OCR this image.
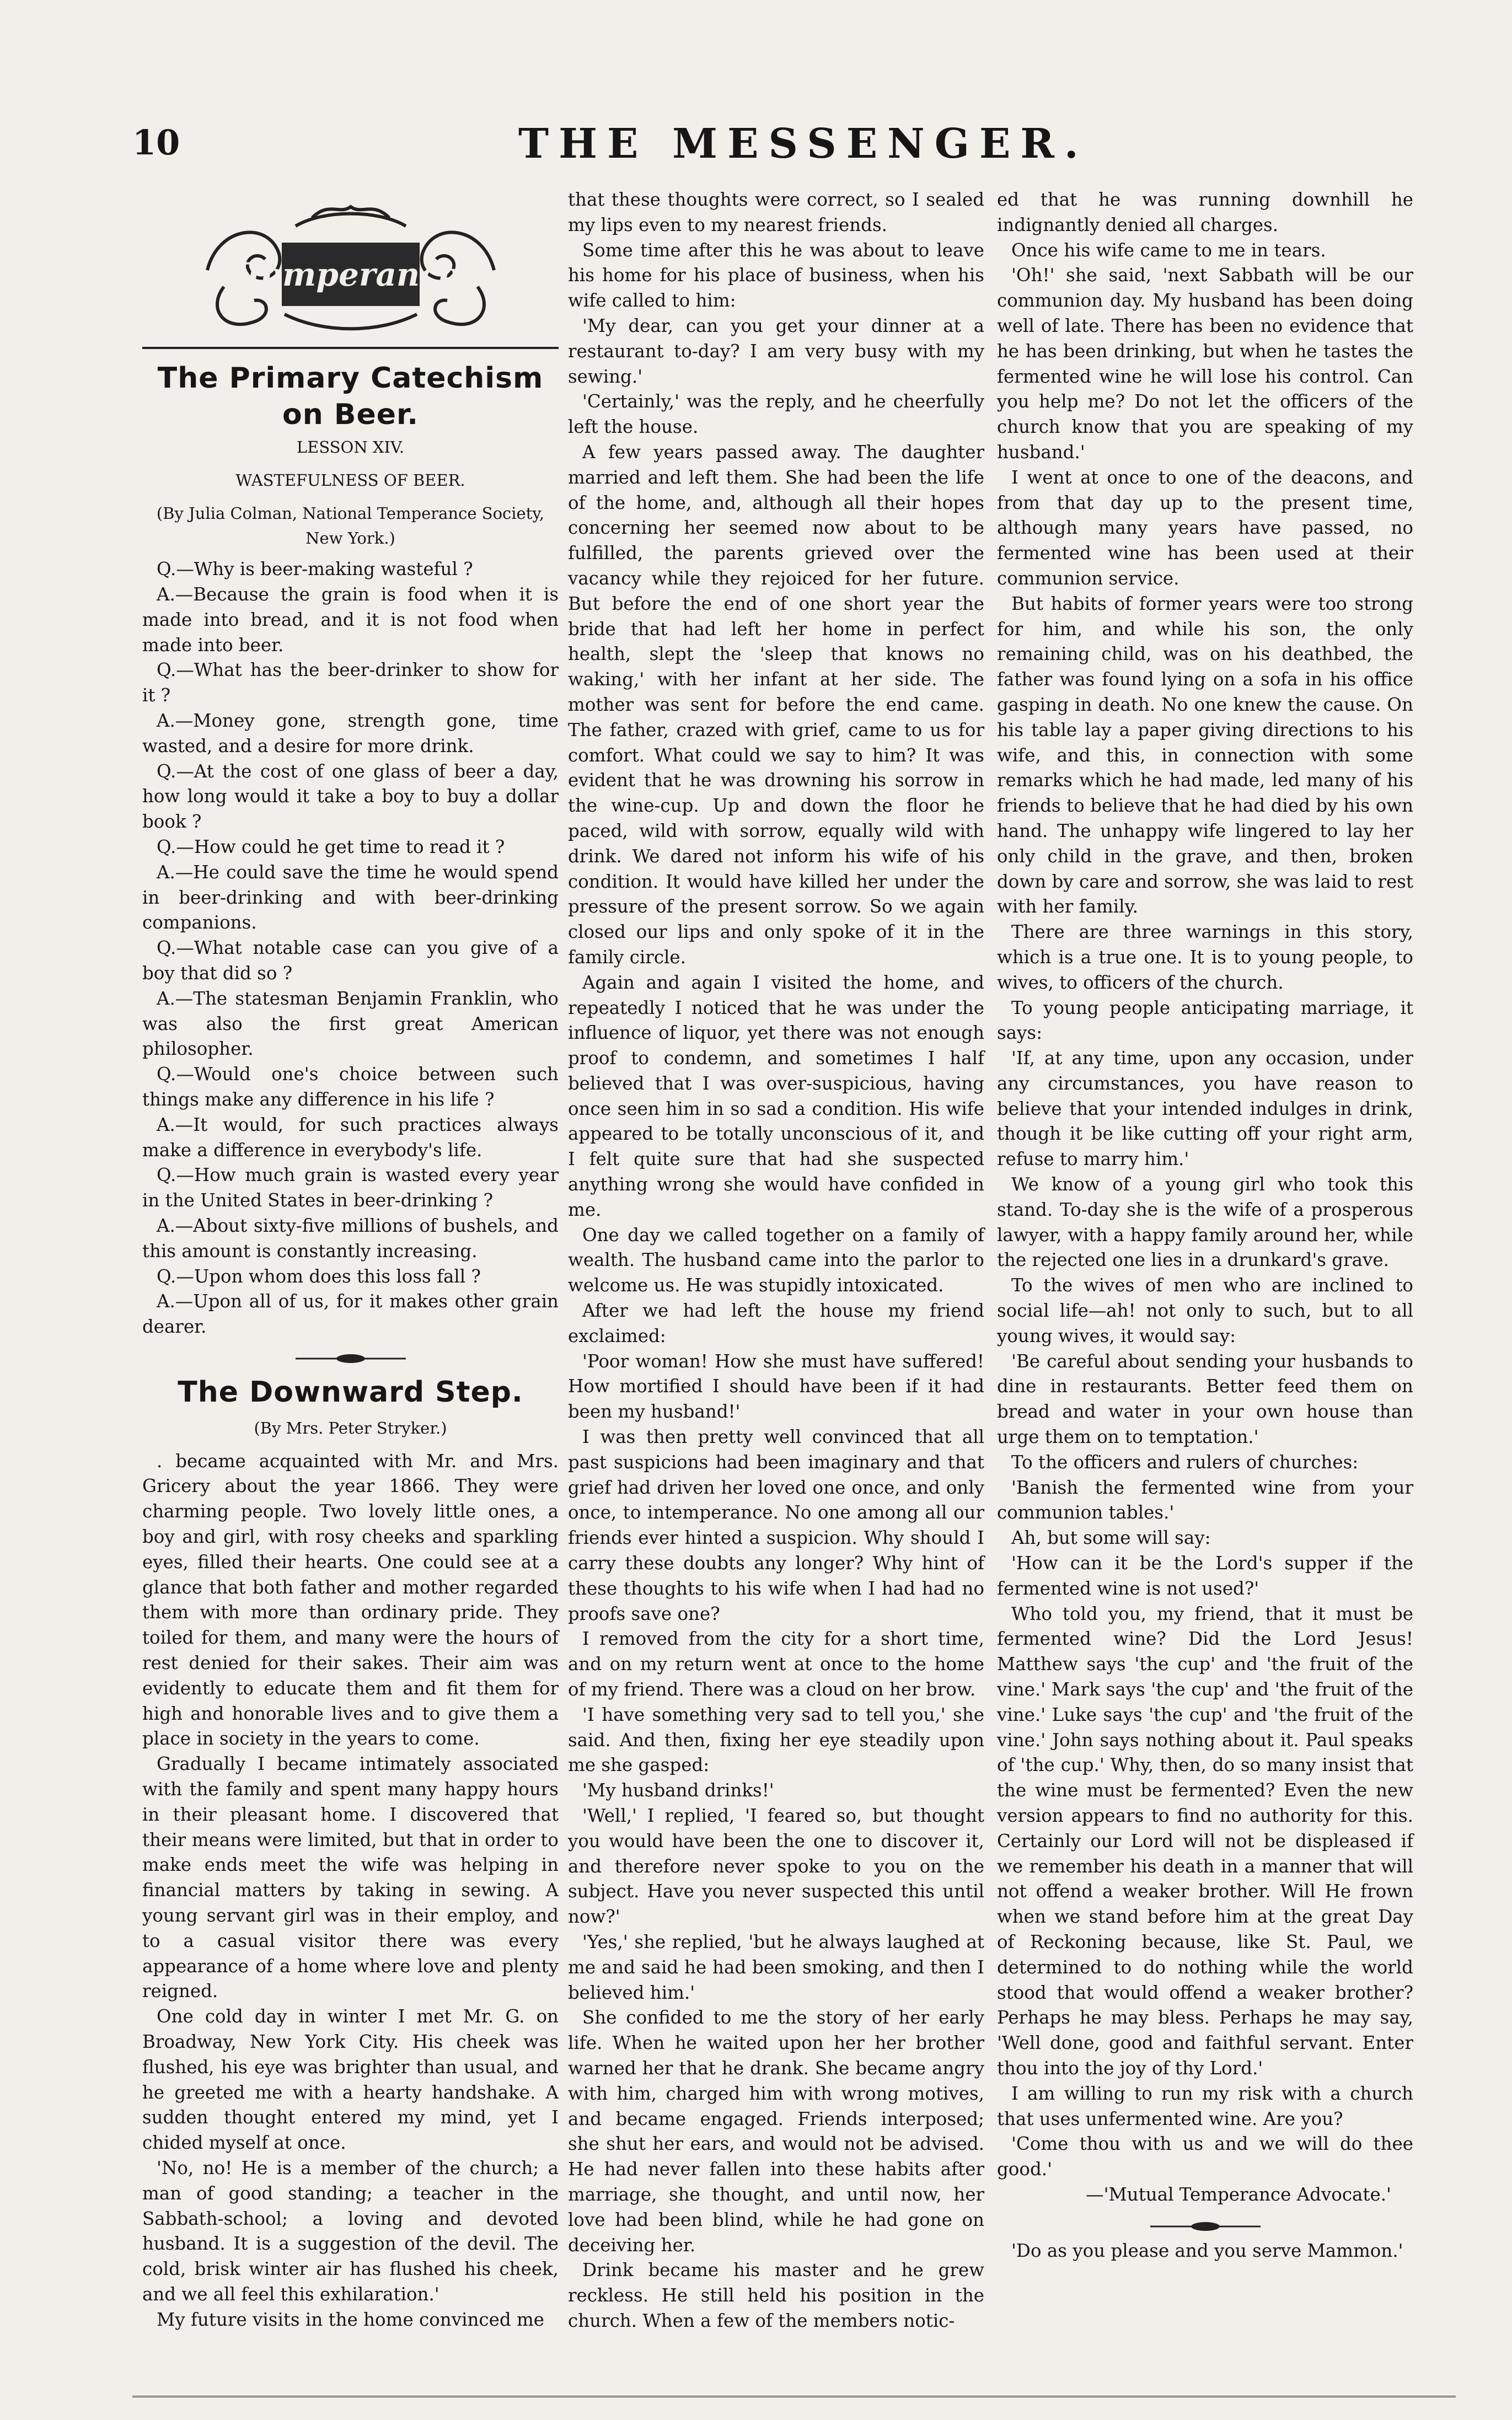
10	THE MESSENGER.
Temperance
The Primary Catechism on Beer.

LESSON XIV.

WASTEFULNESS OF BEER.

(By Julia Colman, National Temperance Society, New York.)

Q.—Why is beer-making wasteful ?

A.—Because the grain is food when it is made into bread, and it is not food when made into beer.

Q.—What has the beer-drinker to show for it ?

A.—Money gone, strength gone, time wasted, and a desire for more drink.

Q.—At the cost of one glass of beer a day, how long would it take a boy to buy a dollar book ?

Q.—How could he get time to read it ?

A.—He could save the time he would spend in beer-drinking and with beer-drinking companions.

Q.—What notable case can you give of a boy that did so ?

A.—The statesman Benjamin Franklin, who was also the first great American philosopher.

Q.—Would one's choice between such things make any difference in his life ?

A.—It would, for such practices always make a difference in everybody's life.

Q.—How much grain is wasted every year in the United States in beer-drinking ?

A.—About sixty-five millions of bushels, and this amount is constantly increasing.

Q.—Upon whom does this loss fall ?

A.—Upon all of us, for it makes other grain dearer.

The Downward Step.

(By Mrs. Peter Stryker.)

. became acquainted with Mr. and Mrs. Gricery about the year 1866. They were charming people. Two lovely little ones, a boy and girl, with rosy cheeks and sparkling eyes, filled their hearts. One could see at a glance that both father and mother regarded them with more than ordinary pride. They toiled for them, and many were the hours of rest denied for their sakes. Their aim was evidently to educate them and fit them for high and honorable lives and to give them a place in society in the years to come.

Gradually I became intimately associated with the family and spent many happy hours in their pleasant home. I discovered that their means were limited, but that in order to make ends meet the wife was helping in financial matters by taking in sewing. A young servant girl was in their employ, and to a casual visitor there was every appearance of a home where love and plenty reigned.

One cold day in winter I met Mr. G. on Broadway, New York City. His cheek was flushed, his eye was brighter than usual, and he greeted me with a hearty handshake. A sudden thought entered my mind, yet I chided myself at once.

'No, no! He is a member of the church; a man of good standing; a teacher in the Sabbath-school; a loving and devoted husband. It is a suggestion of the devil. The cold, brisk winter air has flushed his cheek, and we all feel this exhilaration.'

My future visits in the home convinced me

that these thoughts were correct, so I sealed my lips even to my nearest friends.

Some time after this he was about to leave his home for his place of business, when his wife called to him:

'My dear, can you get your dinner at a restaurant to-day? I am very busy with my sewing.'

'Certainly,' was the reply, and he cheerfully left the house.

A few years passed away. The daughter married and left them. She had been the life of the home, and, although all their hopes concerning her seemed now about to be fulfilled, the parents grieved over the vacancy while they rejoiced for her future. But before the end of one short year the bride that had left her home in perfect health, slept the 'sleep that knows no waking,' with her infant at her side. The mother was sent for before the end came. The father, crazed with grief, came to us for comfort. What could we say to him? It was evident that he was drowning his sorrow in the wine-cup. Up and down the floor he paced, wild with sorrow, equally wild with drink. We dared not inform his wife of his condition. It would have killed her under the pressure of the present sorrow. So we again closed our lips and only spoke of it in the family circle.

Again and again I visited the home, and repeatedly I noticed that he was under the influence of liquor, yet there was not enough proof to condemn, and sometimes I half believed that I was over-suspicious, having once seen him in so sad a condition. His wife appeared to be totally unconscious of it, and I felt quite sure that had she suspected anything wrong she would have confided in me.

One day we called together on a family of wealth. The husband came into the parlor to welcome us. He was stupidly intoxicated.

After we had left the house my friend exclaimed:

'Poor woman! How she must have suffered! How mortified I should have been if it had been my husband!'

I was then pretty well convinced that all past suspicions had been imaginary and that grief had driven her loved one once, and only once, to intemperance. No one among all our friends ever hinted a suspicion. Why should I carry these doubts any longer? Why hint of these thoughts to his wife when I had had no proofs save one?

I removed from the city for a short time, and on my return went at once to the home of my friend. There was a cloud on her brow.

'I have something very sad to tell you,' she said. And then, fixing her eye steadily upon me she gasped:

'My husband drinks!'

'Well,' I replied, 'I feared so, but thought you would have been the one to discover it, and therefore never spoke to you on the subject. Have you never suspected this until now?'

'Yes,' she replied, 'but he always laughed at me and said he had been smoking, and then I believed him.'

She confided to me the story of her early life. When he waited upon her her brother warned her that he drank. She became angry with him, charged him with wrong motives, and became engaged. Friends interposed; she shut her ears, and would not be advised. He had never fallen into these habits after marriage, she thought, and until now, her love had been blind, while he had gone on deceiving her.

Drink became his master and he grew reckless. He still held his position in the church. When a few of the members notic-

ed that he was running downhill he indignantly denied all charges.

Once his wife came to me in tears.

'Oh!' she said, 'next Sabbath will be our communion day. My husband has been doing well of late. There has been no evidence that he has been drinking, but when he tastes the fermented wine he will lose his control. Can you help me? Do not let the officers of the church know that you are speaking of my husband.'

I went at once to one of the deacons, and from that day up to the present time, although many years have passed, no fermented wine has been used at their communion service.

But habits of former years were too strong for him, and while his son, the only remaining child, was on his deathbed, the father was found lying on a sofa in his office gasping in death. No one knew the cause. On his table lay a paper giving directions to his wife, and this, in connection with some remarks which he had made, led many of his friends to believe that he had died by his own hand. The unhappy wife lingered to lay her only child in the grave, and then, broken down by care and sorrow, she was laid to rest with her family.

There are three warnings in this story, which is a true one. It is to young people, to wives, to officers of the church.

To young people anticipating marriage, it says:

'If, at any time, upon any occasion, under any circumstances, you have reason to believe that your intended indulges in drink, though it be like cutting off your right arm, refuse to marry him.'

We know of a young girl who took this stand. To-day she is the wife of a prosperous lawyer, with a happy family around her, while the rejected one lies in a drunkard's grave.

To the wives of men who are inclined to social life—ah! not only to such, but to all young wives, it would say:

'Be careful about sending your husbands to dine in restaurants. Better feed them on bread and water in your own house than urge them on to temptation.'

To the officers and rulers of churches:

'Banish the fermented wine from your communion tables.'

Ah, but some will say:

'How can it be the Lord's supper if the fermented wine is not used?'

Who told you, my friend, that it must be fermented wine? Did the Lord Jesus! Matthew says 'the cup' and 'the fruit of the vine.' Mark says 'the cup' and 'the fruit of the vine.' Luke says 'the cup' and 'the fruit of the vine.' John says nothing about it. Paul speaks of 'the cup.' Why, then, do so many insist that the wine must be fermented? Even the new version appears to find no authority for this. Certainly our Lord will not be displeased if we remember his death in a manner that will not offend a weaker brother. Will He frown when we stand before him at the great Day of Reckoning because, like St. Paul, we determined to do nothing while the world stood that would offend a weaker brother? Perhaps he may bless. Perhaps he may say, 'Well done, good and faithful servant. Enter thou into the joy of thy Lord.'

I am willing to run my risk with a church that uses unfermented wine. Are you?

'Come thou with us and we will do thee good.'

—'Mutual Temperance Advocate.'

'Do as you please and you serve Mammon.'
